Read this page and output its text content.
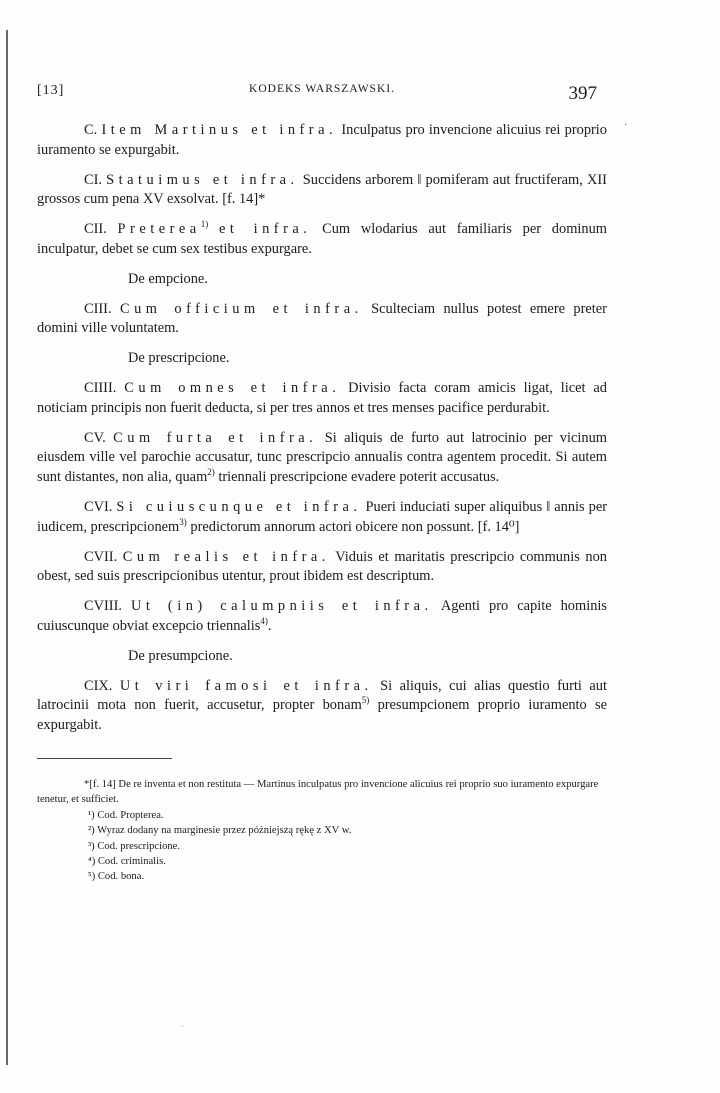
·
·
[13]	KODEKS WARSZAWSKI.	397

C. Item Martinus et infra. Inculpatus pro invencione alicuius rei proprio iuramento se expurgabit.

CI. Statuimus et infra. Succidens arborem ‖ pomiferam aut fructiferam, XII grossos cum pena XV exsolvat. [f. 14]*

CII. Preterea$^{1)}$ et infra. Cum wlodarius aut familiaris per dominum inculpatur, debet se cum sex testibus expurgare.

De empcione.

CIII. Cum officium et infra. Sculteciam nullus potest emere preter domini ville voluntatem.

De prescripcione.

CIIII. Cum omnes et infra. Divisio facta coram amicis ligat, licet ad noticiam principis non fuerit deducta, si per tres annos et tres menses pacifice perdurabit.

CV. Cum furta et infra. Si aliquis de furto aut latrocinio per vicinum eiusdem ville vel parochie accusatur, tunc prescripcio annualis contra agentem procedit. Si autem sunt distantes, non alia, quam$^{2)}$ triennali prescripcione evadere poterit accusatus.

CVI. Si cuiuscunque et infra. Pueri induciati super aliquibus ‖ annis per iudicem, prescripcionem$^{3)}$ predictorum annorum actori obicere non possunt. [f. 14⁰]

CVII. Cum realis et infra. Viduis et maritatis prescripcio communis non obest, sed suis prescripcionibus utentur, prout ibidem est descriptum.

CVIII. Ut (in) calumpniis et infra. Agenti pro capite hominis cuiuscunque obviat excepcio triennalis$^{4)}$.

De presumpcione.

CIX. Ut viri famosi et infra. Si aliquis, cui alias questio furti aut latrocinii mota non fuerit, accusetur, propter bonam$^{5)}$ presumpcionem proprio iuramento se expurgabit.

*[f. 14] De re inventa et non restituta — Martinus inculpatus pro invencione alicuius rei proprio suo iuramento expurgare tenetur, et sufficiet.

¹) Cod. Propterea.

²) Wyraz dodany na marginesie przez późniejszą rękę z XV w.

³) Cod. prescripcione.

⁴) Cod. criminalis.

⁵) Cod. bona.
